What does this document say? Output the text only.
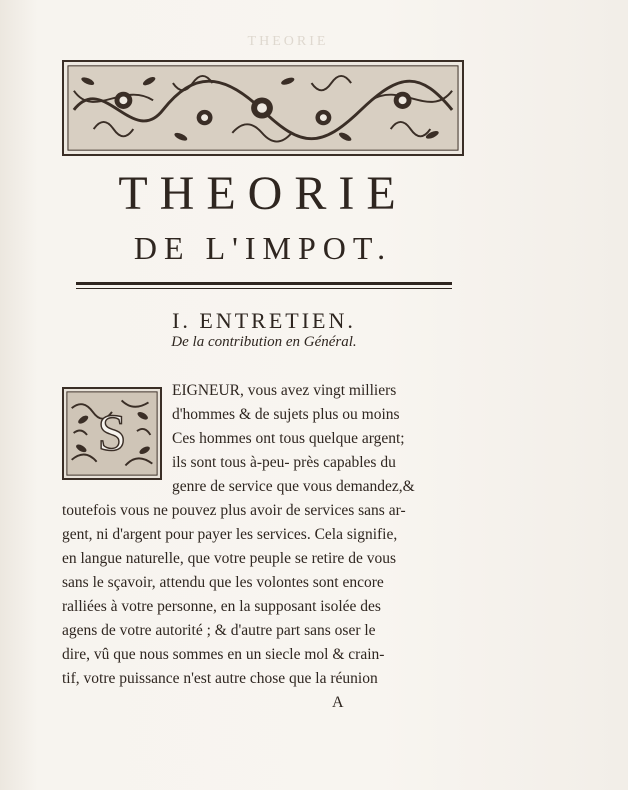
THEORIE
THEORIE
DE L'IMPOT.
I. ENTRETIEN.
De la contribution en Général.
S
EIGNEUR, vous avez vingt milliers
d'hommes & de sujets plus ou moins
Ces hommes ont tous quelque argent;
ils sont tous à-peu- près capables du
genre de service que vous demandez,&
toutefois vous ne pouvez plus avoir de services sans ar-
gent, ni d'argent pour payer les services. Cela signifie,
en langue naturelle, que votre peuple se retire de vous
sans le sçavoir, attendu que les volontes sont encore
ralliées à votre personne, en la supposant isolée des
agens de votre autorité ; & d'autre part sans oser le
dire, vû que nous sommes en un siecle mol & crain-
tif, votre puissance n'est autre chose que la réunion
A
